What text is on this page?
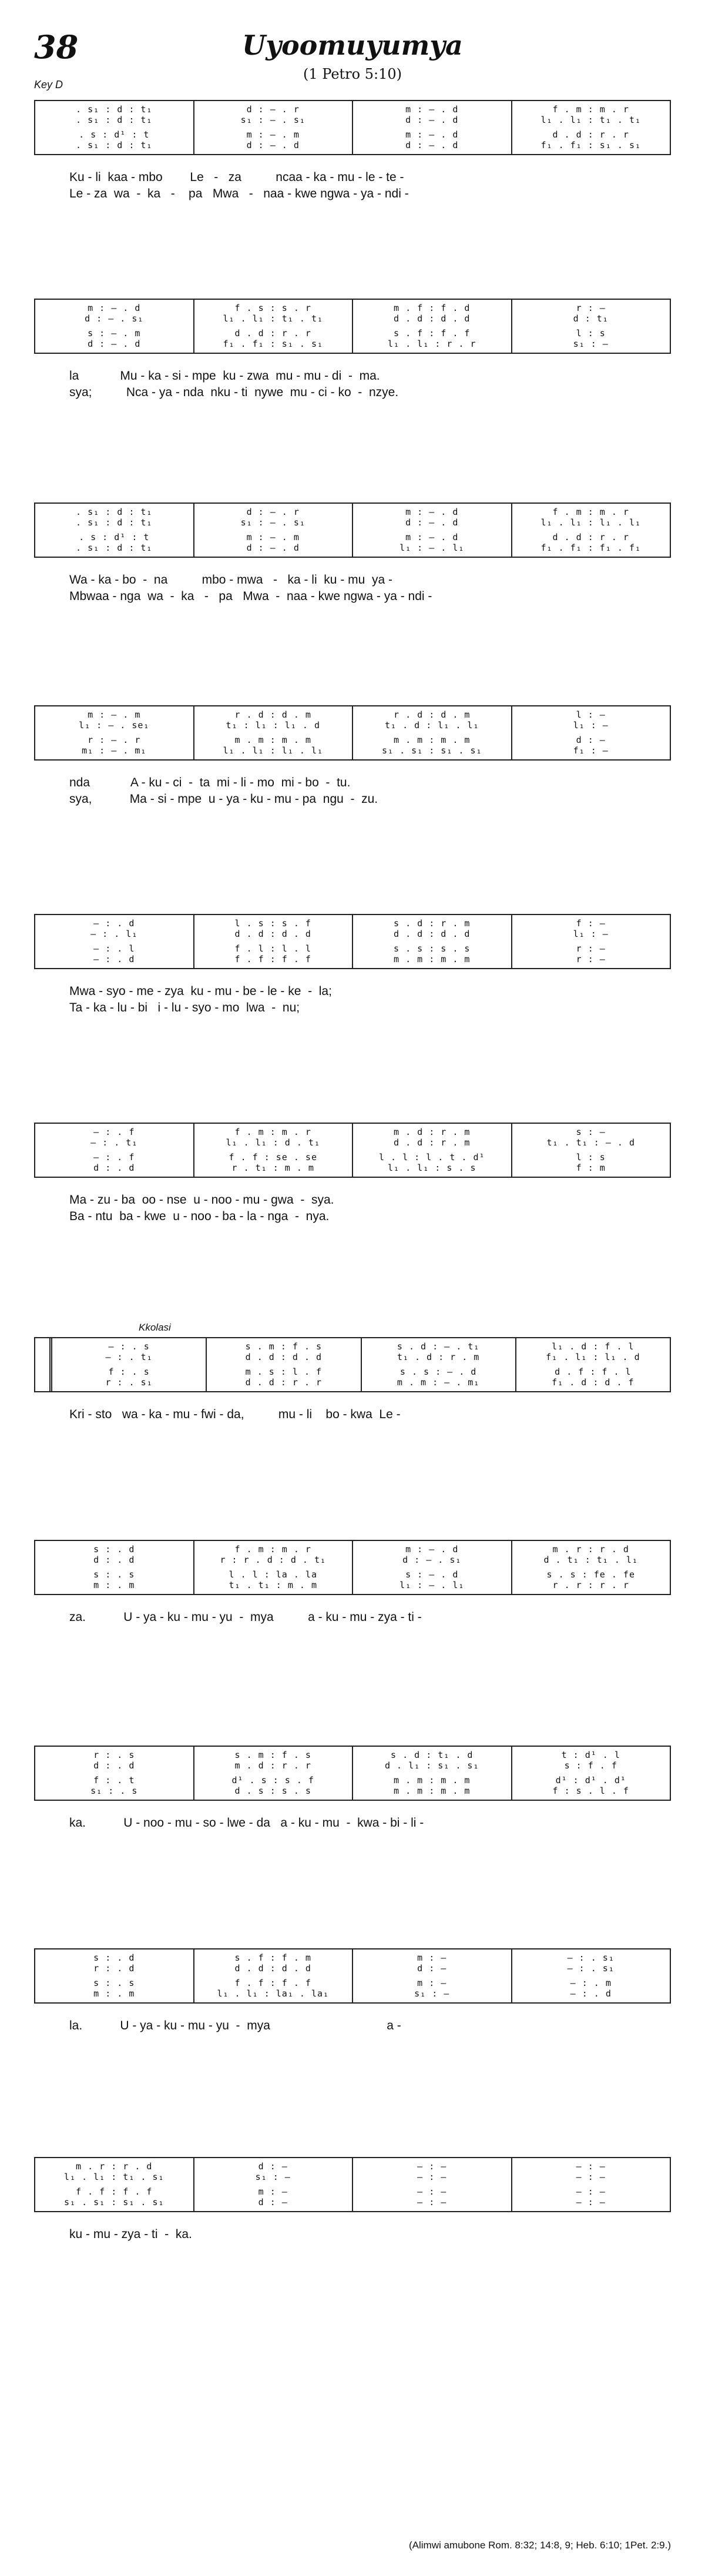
38	Uyoomuyumya
(1 Petro 5:10)
Key D
. s₁ : d : t₁
. s₁ : d : t₁
. s : d¹ : t
. s₁ : d : t₁
d : – . r
s₁ : – . s₁
m : – . m
d : – . d
m : – . d
d : – . d
m : – . d
d : – . d
f . m : m . r
l₁ . l₁ : t₁ . t₁
d . d : r . r
f₁ . f₁ : s₁ . s₁
Ku - li  kaa - mbo        Le   -   za          ncaa - ka - mu - le - te -
Le - za  wa  -  ka   -    pa   Mwa   -   naa - kwe ngwa - ya - ndi -
m : – . d
d : – . s₁
s : – . m
d : – . d
f . s : s . r
l₁ . l₁ : t₁ . t₁
d . d : r . r
f₁ . f₁ : s₁ . s₁
m . f : f . d
d . d : d . d
s . f : f . f
l₁ . l₁ : r . r
r : —
d : t₁
l : s
s₁ : —
la            Mu - ka - si - mpe  ku - zwa  mu - mu - di  -  ma.
sya;          Nca - ya - nda  nku - ti  nywe  mu - ci - ko  -  nzye.
. s₁ : d : t₁
. s₁ : d : t₁
. s : d¹ : t
. s₁ : d : t₁
d : – . r
s₁ : – . s₁
m : – . m
d : – . d
m : – . d
d : – . d
m : – . d
l₁ : – . l₁
f . m : m . r
l₁ . l₁ : l₁ . l₁
d . d : r . r
f₁ . f₁ : f₁ . f₁
Wa - ka - bo  -  na          mbo - mwa   -   ka - li  ku - mu  ya -
Mbwaa - nga  wa  -  ka   -   pa   Mwa  -  naa - kwe ngwa - ya - ndi -
m : – . m
l₁ : – . se₁
r : – . r
m₁ : – . m₁
r . d : d . m
t₁ : l₁ : l₁ . d
m . m : m . m
l₁ . l₁ : l₁ . l₁
r . d : d . m
t₁ . d : l₁ . l₁
m . m : m . m
s₁ . s₁ : s₁ . s₁
l : —
l₁ : —
d : —
f₁ : —
nda            A - ku - ci  -  ta  mi - li - mo  mi - bo  -  tu.
sya,           Ma - si - mpe  u - ya - ku - mu - pa  ngu  -  zu.
— : . d
— : . l₁
— : . l
— : . d
l . s : s . f
d . d : d . d
f . l : l . l
f . f : f . f
s . d : r . m
d . d : d . d
s . s : s . s
m . m : m . m
f : —
l₁ : —
r : —
r : —
Mwa - syo - me - zya  ku - mu - be - le - ke  -  la;
Ta - ka - lu - bi   i - lu - syo - mo  lwa  -  nu;
— : . f
— : . t₁
— : . f
d : . d
f . m : m . r
l₁ . l₁ : d . t₁
f . f : se . se
r . t₁ : m . m
m . d : r . m
d . d : r . m
l . l : l . t . d¹
l₁ . l₁ : s . s
s : —
t₁ . t₁ : – . d
l : s
f : m
Ma - zu - ba  oo - nse  u - noo - mu - gwa  -  sya.
Ba - ntu  ba - kwe  u - noo - ba - la - nga  -  nya.
Kkolasi
— : . s
— : . t₁
f : . s
r : . s₁
s . m : f . s
d . d : d . d
m . s : l . f
d . d : r . r
s . d : – . t₁
t₁ . d : r . m
s . s : – . d
m . m : – . m₁
l₁ . d : f . l
f₁ . l₁ : l₁ . d
d . f : f . l
f₁ . d : d . f
Kri - sto   wa - ka - mu - fwi - da,          mu - li    bo - kwa  Le -
s : . d
d : . d
s : . s
m : . m
f . m : m . r
r : r . d : d . t₁
l . l : la . la
t₁ . t₁ : m . m
m : – . d
d : – . s₁
s : – . d
l₁ : – . l₁
m . r : r . d
d . t₁ : t₁ . l₁
s . s : fe . fe
r . r : r . r
za.           U - ya - ku - mu - yu  -  mya          a - ku - mu - zya - ti -
r : . s
d : . d
f : . t
s₁ : . s
s . m : f . s
m . d : r . r
d¹ . s : s . f
d . s : s . s
s . d : t₁ . d
d . l₁ : s₁ . s₁
m . m : m . m
m . m : m . m
t : d¹ . l
s : f . f
d¹ : d¹ . d¹
f : s . l . f
ka.           U - noo - mu - so - lwe - da   a - ku - mu  -  kwa - bi - li -
s : . d
r : . d
s : . s
m : . m
s . f : f . m
d . d : d . d
f . f : f . f
l₁ . l₁ : la₁ . la₁
m : —
d : —
m : —
s₁ : —
— : . s₁
— : . s₁
— : . m
— : . d
la.           U - ya - ku - mu - yu  -  mya                                  a -
m . r : r . d
l₁ . l₁ : t₁ . s₁
f . f : f . f
s₁ . s₁ : s₁ . s₁
d : —
s₁ : —
m : —
d : —
— : —
— : —
— : —
— : —
— : —
— : —
— : —
— : —
ku - mu - zya - ti  -  ka.
(Alimwi amubone Rom. 8:32; 14:8, 9; Heb. 6:10; 1Pet. 2:9.)
